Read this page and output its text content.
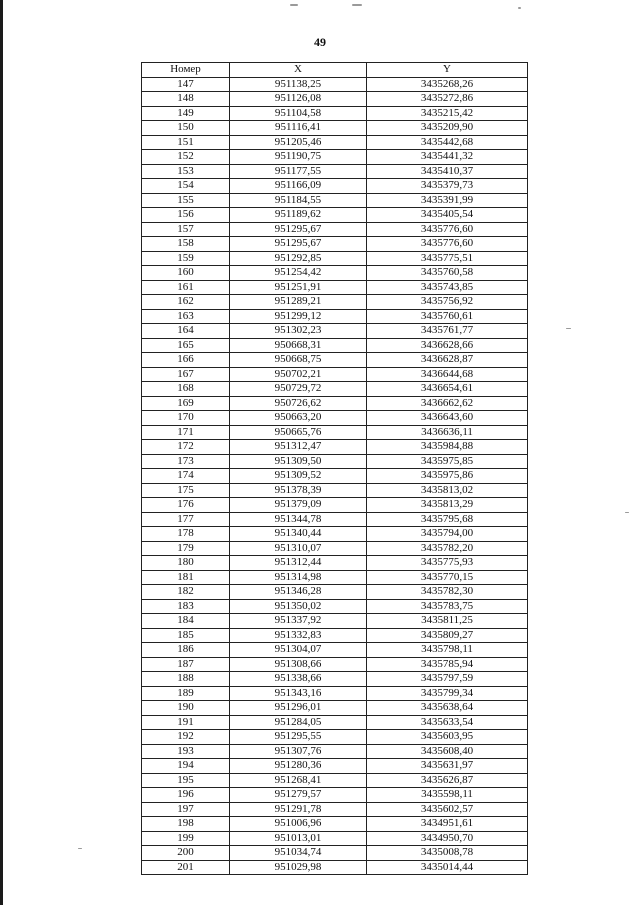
49
Номер	X	Y
147	951138,25	3435268,26
148	951126,08	3435272,86
149	951104,58	3435215,42
150	951116,41	3435209,90
151	951205,46	3435442,68
152	951190,75	3435441,32
153	951177,55	3435410,37
154	951166,09	3435379,73
155	951184,55	3435391,99
156	951189,62	3435405,54
157	951295,67	3435776,60
158	951295,67	3435776,60
159	951292,85	3435775,51
160	951254,42	3435760,58
161	951251,91	3435743,85
162	951289,21	3435756,92
163	951299,12	3435760,61
164	951302,23	3435761,77
165	950668,31	3436628,66
166	950668,75	3436628,87
167	950702,21	3436644,68
168	950729,72	3436654,61
169	950726,62	3436662,62
170	950663,20	3436643,60
171	950665,76	3436636,11
172	951312,47	3435984,88
173	951309,50	3435975,85
174	951309,52	3435975,86
175	951378,39	3435813,02
176	951379,09	3435813,29
177	951344,78	3435795,68
178	951340,44	3435794,00
179	951310,07	3435782,20
180	951312,44	3435775,93
181	951314,98	3435770,15
182	951346,28	3435782,30
183	951350,02	3435783,75
184	951337,92	3435811,25
185	951332,83	3435809,27
186	951304,07	3435798,11
187	951308,66	3435785,94
188	951338,66	3435797,59
189	951343,16	3435799,34
190	951296,01	3435638,64
191	951284,05	3435633,54
192	951295,55	3435603,95
193	951307,76	3435608,40
194	951280,36	3435631,97
195	951268,41	3435626,87
196	951279,57	3435598,11
197	951291,78	3435602,57
198	951006,96	3434951,61
199	951013,01	3434950,70
200	951034,74	3435008,78
201	951029,98	3435014,44
